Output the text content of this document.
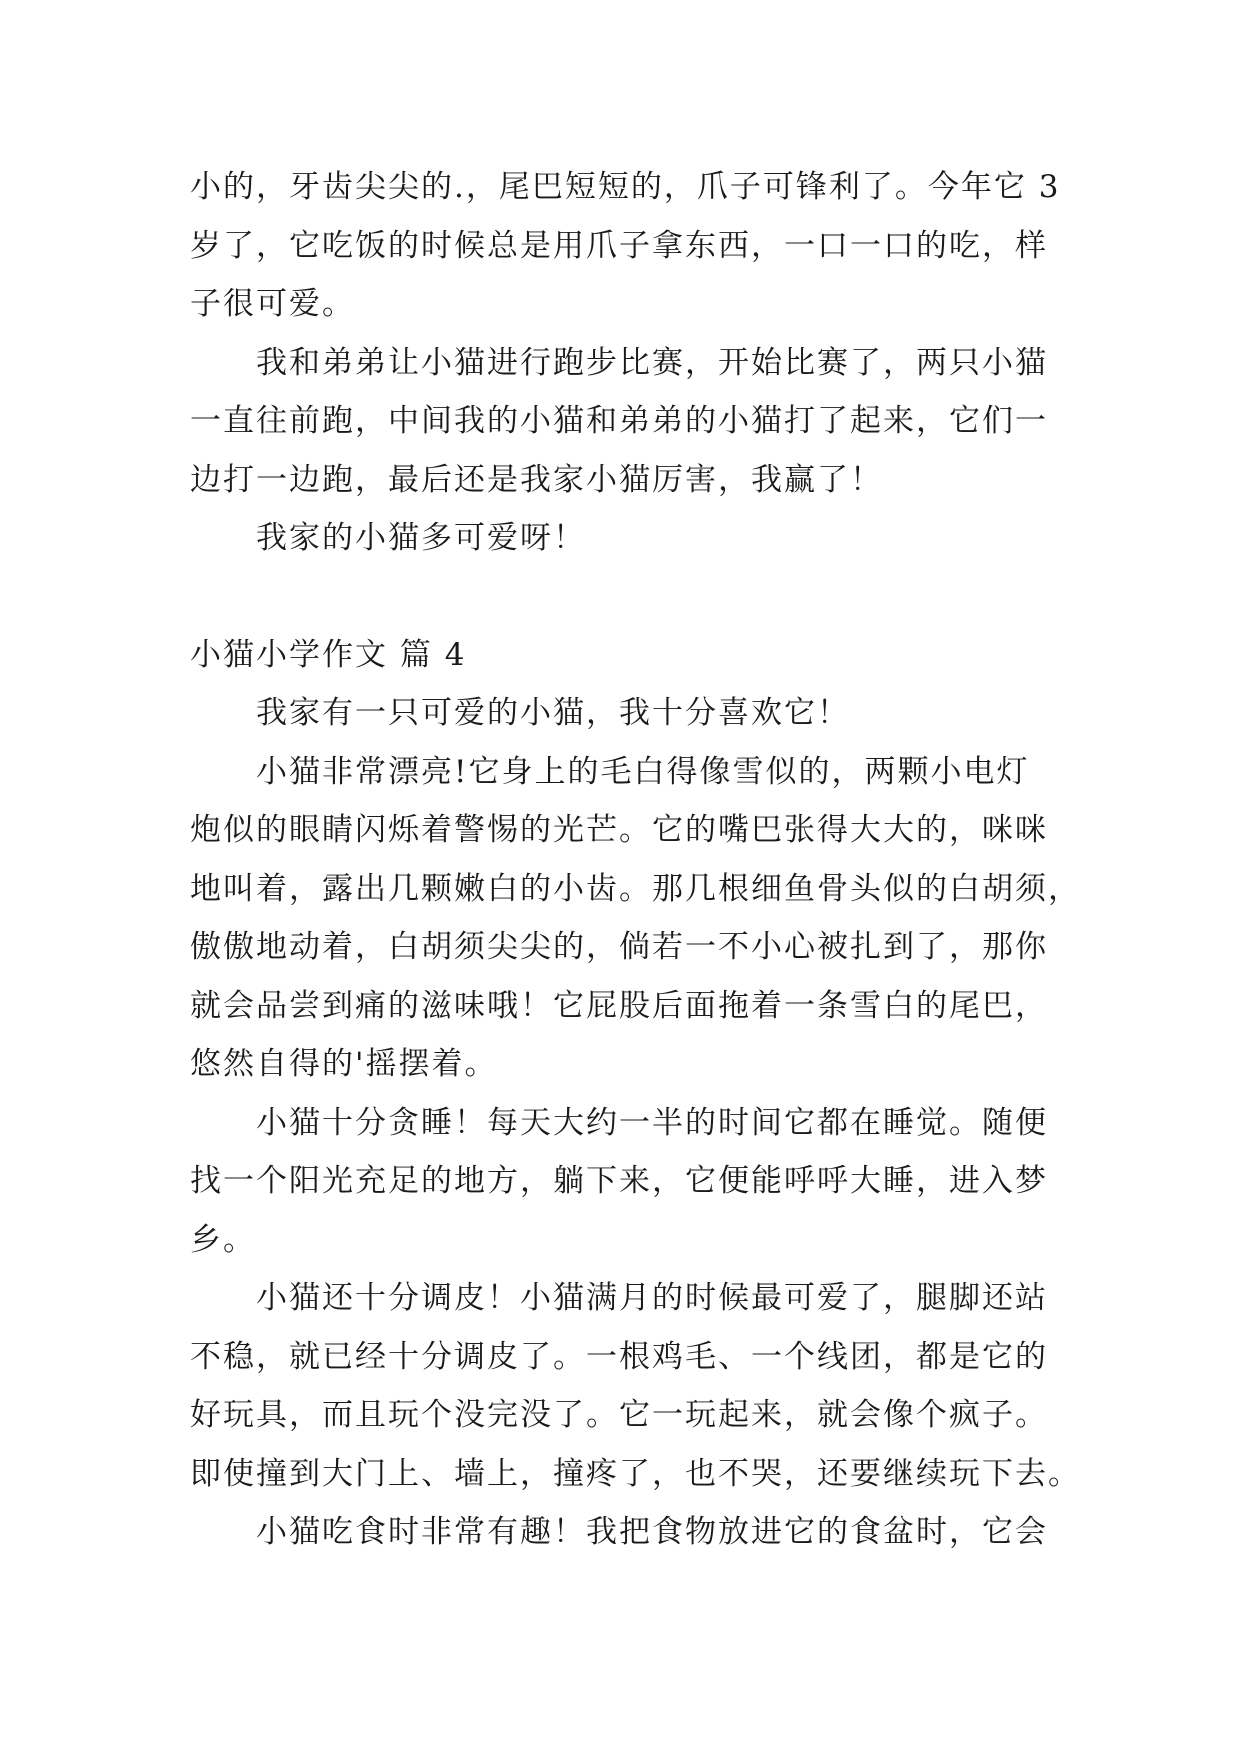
小的，牙齿尖尖的.，尾巴短短的，爪子可锋利了。今年它 3
岁了，它吃饭的时候总是用爪子拿东西，一口一口的吃，样
子很可爱。
我和弟弟让小猫进行跑步比赛，开始比赛了，两只小猫
一直往前跑，中间我的小猫和弟弟的小猫打了起来，它们一
边打一边跑，最后还是我家小猫厉害，我赢了！
我家的小猫多可爱呀！
小猫小学作文 篇 4
我家有一只可爱的小猫，我十分喜欢它！
小猫非常漂亮!它身上的毛白得像雪似的，两颗小电灯
炮似的眼睛闪烁着警惕的光芒。它的嘴巴张得大大的，咪咪
地叫着，露出几颗嫩白的小齿。那几根细鱼骨头似的白胡须，
傲傲地动着，白胡须尖尖的，倘若一不小心被扎到了，那你
就会品尝到痛的滋味哦！它屁股后面拖着一条雪白的尾巴，
悠然自得的'摇摆着。
小猫十分贪睡！每天大约一半的时间它都在睡觉。随便
找一个阳光充足的地方，躺下来，它便能呼呼大睡，进入梦
乡。
小猫还十分调皮！小猫满月的时候最可爱了，腿脚还站
不稳，就已经十分调皮了。一根鸡毛、一个线团，都是它的
好玩具，而且玩个没完没了。它一玩起来，就会像个疯子。
即使撞到大门上、墙上，撞疼了，也不哭，还要继续玩下去。
小猫吃食时非常有趣！我把食物放进它的食盆时，它会
